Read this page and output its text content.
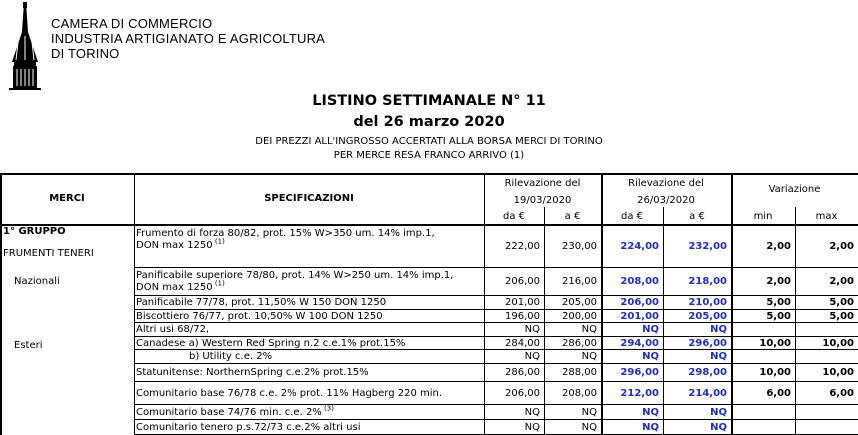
CAMERA DI COMMERCIO
INDUSTRIA ARTIGIANATO E AGRICOLTURA
DI TORINO
LISTINO SETTIMANALE N° 11
del 26 marzo 2020
DEI PREZZI ALL'INGROSSO ACCERTATI ALLA BORSA MERCI DI TORINO
PER MERCE RESA FRANCO ARRIVO (1)
MERCI	SPECIFICAZIONI
Rilevazione del
19/03/2020
Rilevazione del
26/03/2020
Variazione
da €	a €	da €	a €	min	max
1° GRUPPO
FRUMENTI TENERI
Nazionali
Esteri
Frumento di forza 80/82, prot. 15% W>350 um. 14% imp.1,
DON max 1250 $^{(1)}$	222,00	230,00	224,00	232,00	2,00	2,00
Panificabile superiore 78/80, prot. 14% W>250 um. 14% imp.1,
DON max 1250 $^{(1)}$	206,00	216,00	208,00	218,00	2,00	2,00
Panificabile 77/78, prot. 11,50% W 150 DON 1250	201,00	205,00	206,00	210,00	5,00	5,00
Biscottiero 76/77, prot. 10,50% W 100 DON 1250	196,00	200,00	201,00	205,00	5,00	5,00
Altri usi 68/72,	NQ	NQ	NQ	NQ
Canadese a) Western Red Spring n.2 c.e.1% prot.15%	284,00	286,00	294,00	296,00	10,00	10,00
b) Utility c.e. 2%	NQ	NQ	NQ	NQ
Statunitense: NorthernSpring c.e.2% prot.15%	286,00	288,00	296,00	298,00	10,00	10,00
Comunitario base 76/78 c.e. 2% prot. 11% Hagberg 220 min.	206,00	208,00	212,00	214,00	6,00	6,00
Comunitario base 74/76 min. c.e. 2% $^{(3)}$	NQ	NQ	NQ	NQ
Comunitario tenero p.s.72/73 c.e.2% altri usi	NQ	NQ	NQ	NQ
